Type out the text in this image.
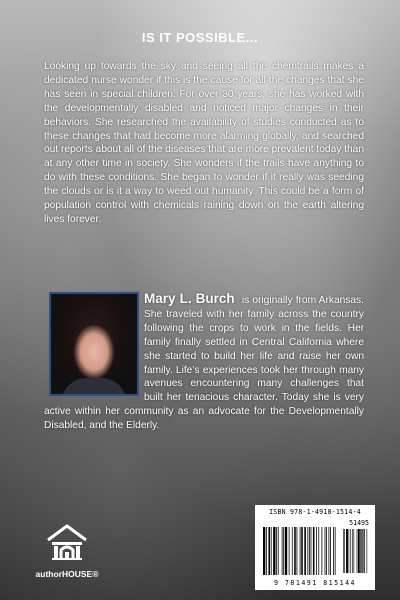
IS IT POSSIBLE...
Looking up towards the sky and seeing all the chemtrails makes a dedicated nurse wonder if this is the cause for all the changes that she has seen in special children. For over 30 years, she has worked with the developmentally disabled and noticed major changes in their behaviors. She researched the availability of studies conducted as to these changes that had become more alarming globally, and searched out reports about all of the diseases that are more prevalent today than at any other time in society. She wonders if the trails have anything to do with these conditions. She began to wonder if it really was seeding the clouds or is it a way to weed out humanity. This could be a form of population control with chemicals raining down on the earth altering lives forever.
Mary L. Burch is originally from Arkansas. She traveled with her family across the country following the crops to work in the fields. Her family finally settled in Central California where she started to build her life and raise her own family. Life’s experiences took her through many avenues encountering many challenges that built her tenacious character. Today she is very active within her community as an advocate for the Developmentally Disabled, and the Elderly.
authorHOUSE®
ISBN 978-1-4918-1514-4
51495
9 781491 815144
